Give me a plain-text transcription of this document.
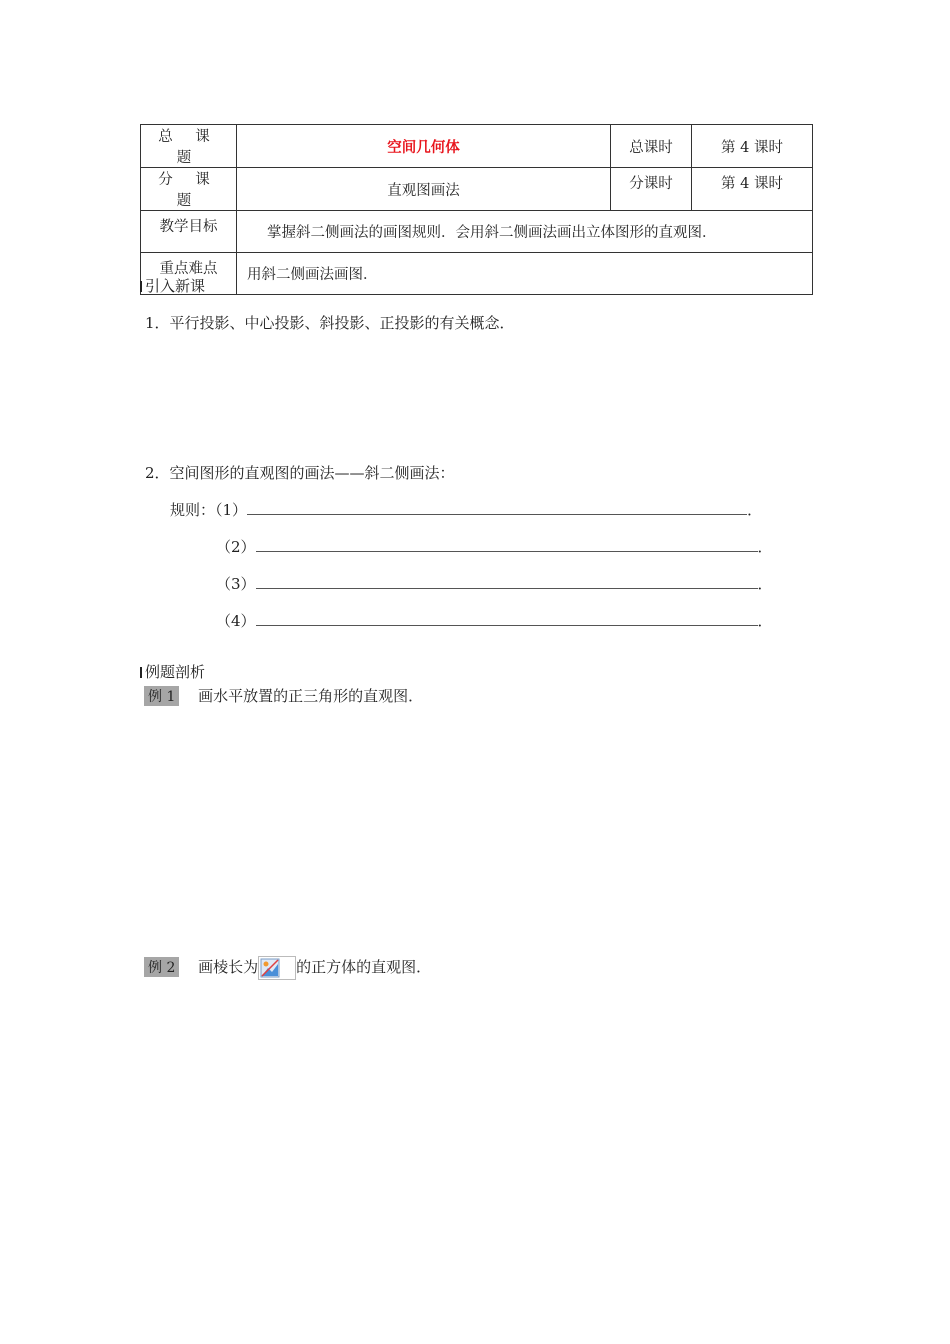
总 课 题	空间几何体	总课时	第 4 课时
分 课 题	直观图画法	分课时	第 4 课时
教学目标	掌握斜二侧画法的画图规则．会用斜二侧画法画出立体图形的直观图．		
重点难点	用斜二侧画法画图．		
引入新课
1．平行投影、中心投影、斜投影、正投影的有关概念．
2．空间图形的直观图的画法——斜二侧画法：
规则：（1）	．
（2）	．
（3）	．
（4）	．
例题剖析
例 1 画水平放置的正三角形的直观图．
例 2 画棱长为	的正方体的直观图．
